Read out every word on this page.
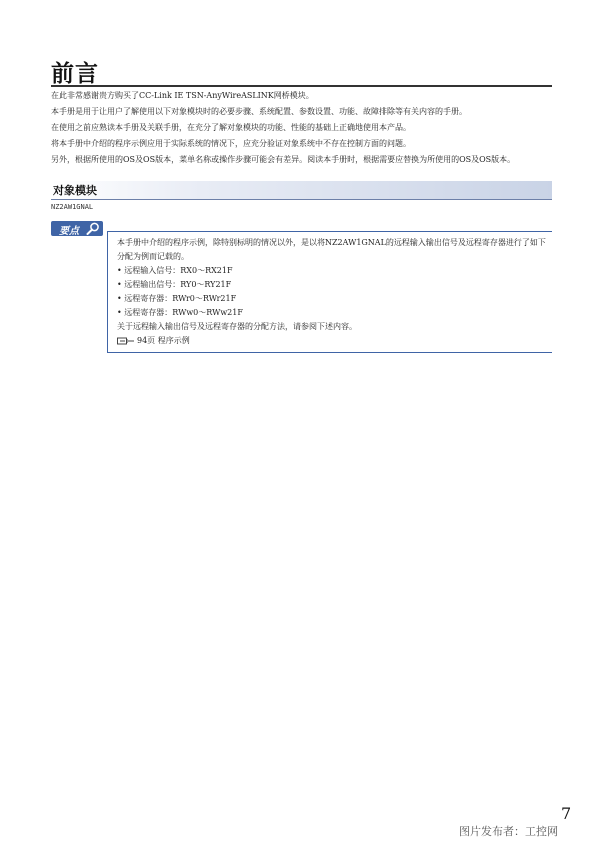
前言

在此非常感谢贵方购买了CC-Link IE TSN-AnyWireASLINK网桥模块。

本手册是用于让用户了解使用以下对象模块时的必要步骤、系统配置、参数设置、功能、故障排除等有关内容的手册。

在使用之前应熟读本手册及关联手册，在充分了解对象模块的功能、性能的基础上正确地使用本产品。

将本手册中介绍的程序示例应用于实际系统的情况下，应充分验证对象系统中不存在控制方面的问题。

另外，根据所使用的OS及OS版本，菜单名称或操作步骤可能会有差异。阅读本手册时，根据需要应替换为所使用的OS及OS版本。

对象模块
NZ2AW1GNAL
要点

本手册中介绍的程序示例，除特别标明的情况以外，是以将NZ2AW1GNAL的远程输入输出信号及远程寄存器进行了如下分配为例而记载的。

• 远程输入信号：RX0～RX21F

• 远程输出信号：RY0～RY21F

• 远程寄存器：RWr0～RWr21F

• 远程寄存器：RWw0～RWw21F

关于远程输入输出信号及远程寄存器的分配方法，请参阅下述内容。

94页 程序示例

7
图片发布者：工控网
